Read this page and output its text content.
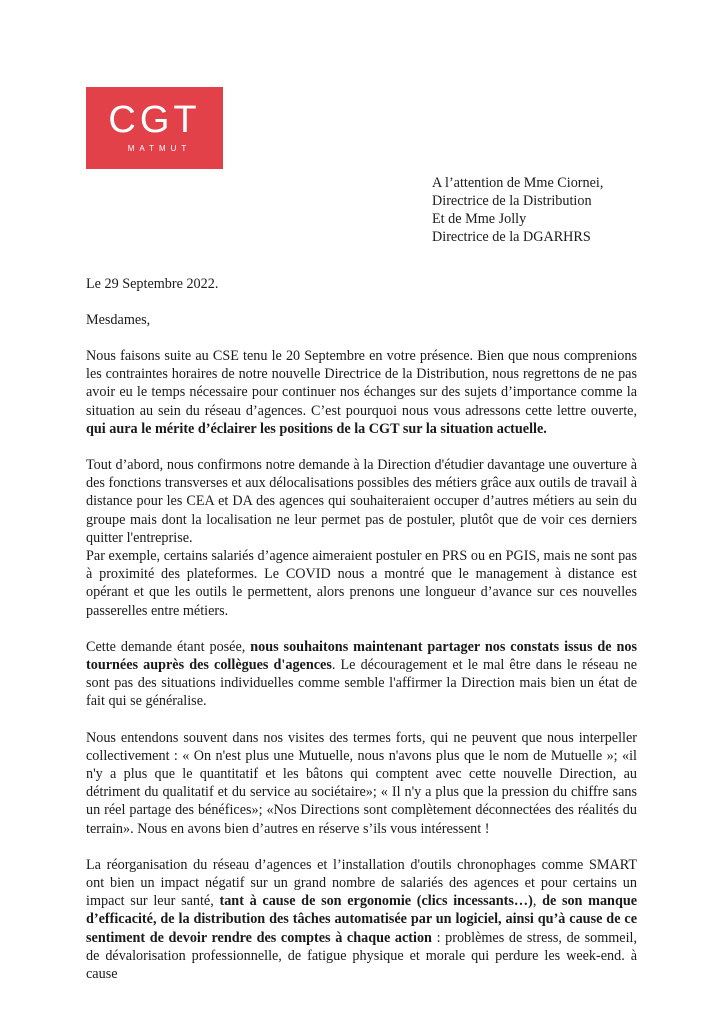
CGT
MATMUT
A l’attention de Mme Ciornei,
Directrice de la Distribution
Et de Mme Jolly
Directrice de la DGARHRS
Le 29 Septembre 2022.
Mesdames,

Nous faisons suite au CSE tenu le 20 Septembre en votre présence. Bien que nous comprenions les contraintes horaires de notre nouvelle Directrice de la Distribution, nous regrettons de ne pas avoir eu le temps nécessaire pour continuer nos échanges sur des sujets d’importance comme la situation au sein du réseau d’agences. C’est pourquoi nous vous adressons cette lettre ouverte, qui aura le mérite d’éclairer les positions de la CGT sur la situation actuelle.

Tout d’abord, nous confirmons notre demande à la Direction d'étudier davantage une ouverture à des fonctions transverses et aux délocalisations possibles des métiers grâce aux outils de travail à distance pour les CEA et DA des agences qui souhaiteraient occuper d’autres métiers au sein du groupe mais dont la localisation ne leur permet pas de postuler, plutôt que de voir ces derniers quitter l'entreprise.

Par exemple, certains salariés d’agence aimeraient postuler en PRS ou en PGIS, mais ne sont pas à proximité des plateformes. Le COVID nous a montré que le management à distance est opérant et que les outils le permettent, alors prenons une longueur d’avance sur ces nouvelles passerelles entre métiers.

Cette demande étant posée, nous souhaitons maintenant partager nos constats issus de nos tournées auprès des collègues d'agences. Le découragement et le mal être dans le réseau ne sont pas des situations individuelles comme semble l'affirmer la Direction mais bien un état de fait qui se généralise.

Nous entendons souvent dans nos visites des termes forts, qui ne peuvent que nous interpeller collectivement : « On n'est plus une Mutuelle, nous n'avons plus que le nom de Mutuelle »; «il n'y a plus que le quantitatif et les bâtons qui comptent avec cette nouvelle Direction, au détriment du qualitatif et du service au sociétaire»; « Il n'y a plus que la pression du chiffre sans un réel partage des bénéfices»; «Nos Directions sont complètement déconnectées des réalités du terrain». Nous en avons bien d’autres en réserve s’ils vous intéressent !

La réorganisation du réseau d’agences et l’installation d'outils chronophages comme SMART ont bien un impact négatif sur un grand nombre de salariés des agences et pour certains un impact sur leur santé, tant à cause de son ergonomie (clics incessants…), de son manque d’efficacité, de la distribution des tâches automatisée par un logiciel, ainsi qu’à cause de ce sentiment de devoir rendre des comptes à chaque action : problèmes de stress, de sommeil, de dévalorisation professionnelle, de fatigue physique et morale qui perdure les week-end. à cause
